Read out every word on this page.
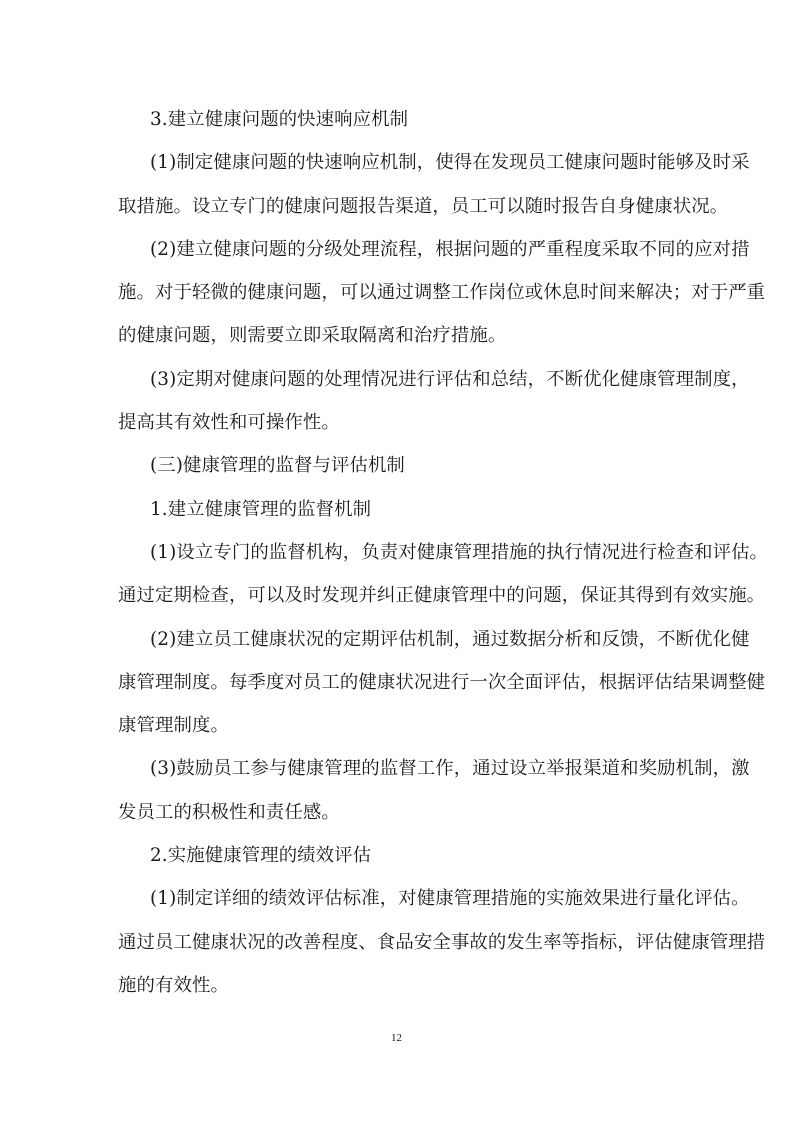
3.建立健康问题的快速响应机制
(1)制定健康问题的快速响应机制，使得在发现员工健康问题时能够及时采
取措施。设立专门的健康问题报告渠道，员工可以随时报告自身健康状况。
(2)建立健康问题的分级处理流程，根据问题的严重程度采取不同的应对措
施。对于轻微的健康问题，可以通过调整工作岗位或休息时间来解决；对于严重
的健康问题，则需要立即采取隔离和治疗措施。
(3)定期对健康问题的处理情况进行评估和总结，不断优化健康管理制度，
提高其有效性和可操作性。
(三)健康管理的监督与评估机制
1.建立健康管理的监督机制
(1)设立专门的监督机构，负责对健康管理措施的执行情况进行检查和评估。
通过定期检查，可以及时发现并纠正健康管理中的问题，保证其得到有效实施。
(2)建立员工健康状况的定期评估机制，通过数据分析和反馈，不断优化健
康管理制度。每季度对员工的健康状况进行一次全面评估，根据评估结果调整健
康管理制度。
(3)鼓励员工参与健康管理的监督工作，通过设立举报渠道和奖励机制，激
发员工的积极性和责任感。
2.实施健康管理的绩效评估
(1)制定详细的绩效评估标准，对健康管理措施的实施效果进行量化评估。
通过员工健康状况的改善程度、食品安全事故的发生率等指标，评估健康管理措
施的有效性。
12
